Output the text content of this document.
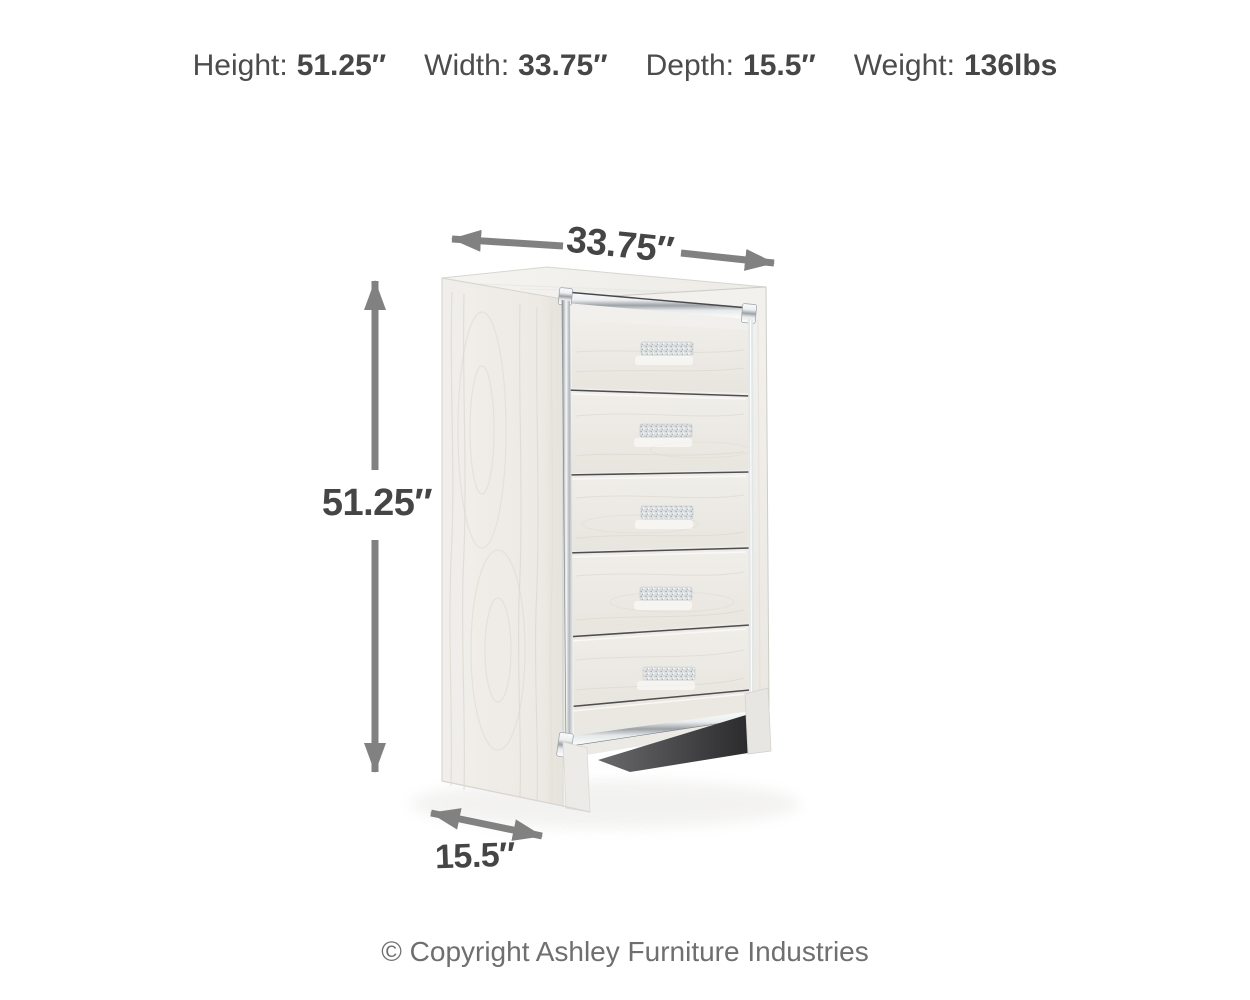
Height: 51.25″ Width: 33.75″ Depth: 15.5″ Weight: 136lbs
33.75″
51.25″
15.5″
© Copyright Ashley Furniture Industries
